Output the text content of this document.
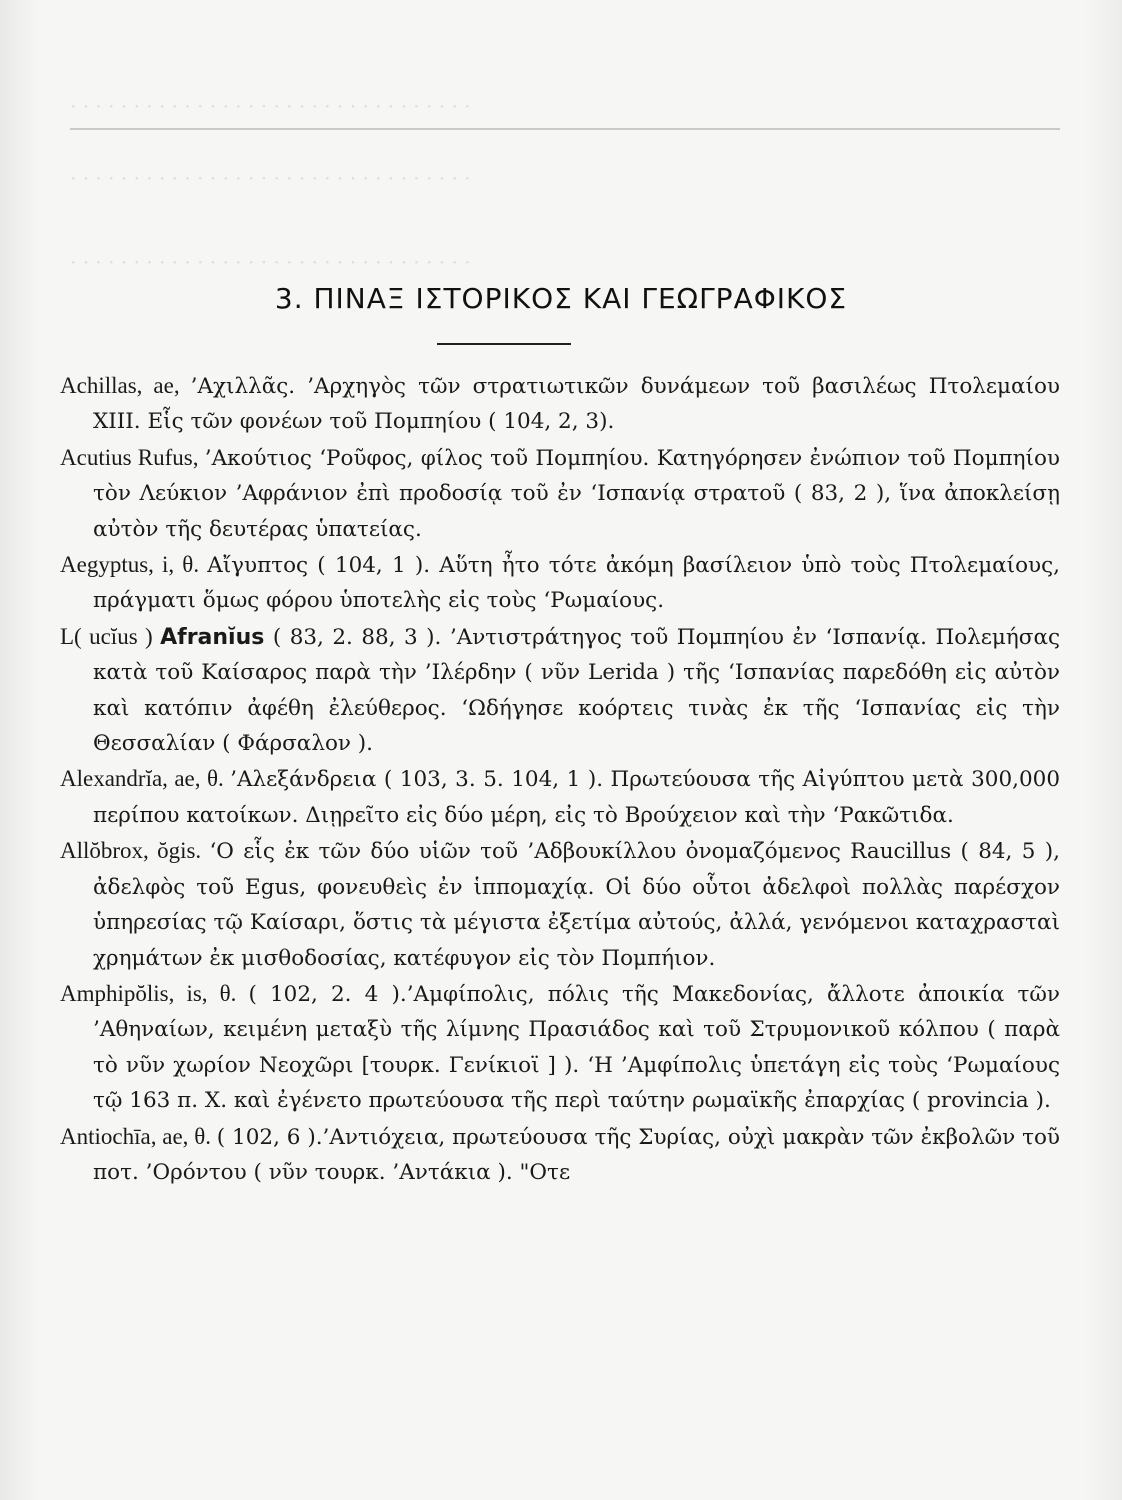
· · · · · · · · · · · · · · · · · · · · · · · · · · · · · · · ·
· · · · · · · · · · · · · · · · · · · · · · · · · · · · · · · ·
· · · · · · · · · · · · · · · · · · · · · · · · · · · · · · · ·
3. ΠΙΝΑΞ ΙΣΤΟΡΙΚΟΣ ΚΑΙ ΓΕΩΓΡΑΦΙΚΟΣ

Achillas, ae, ’Αχιλλᾶς. ’Αρχηγὸς τῶν στρατιωτικῶν δυνάμεων τοῦ βασιλέως Πτολεμαίου XIII. Εἷς τῶν φονέων τοῦ Πομπηίου ( 104, 2, 3).

Acutius Rufus, ’Ακούτιος ‘Ροῦφος, φίλος τοῦ Πομπηίου. Κατηγόρησεν ἐνώπιον τοῦ Πομπηίου τὸν Λεύκιον ’Αφράνιον ἐπὶ προδοσίᾳ τοῦ ἐν ‘Ισπανίᾳ στρατοῦ ( 83, 2 ), ἵνα ἀποκλείσῃ αὐτὸν τῆς δευτέρας ὑπατείας.

Aegyptus, i, θ. Αἴγυπτος ( 104, 1 ). Αὕτη ἦτο τότε ἀκόμη βασίλειον ὑπὸ τοὺς Πτολεμαίους, πράγματι ὅμως φόρου ὑποτελὴς εἰς τοὺς ‘Ρωμαίους.

L( ucĭus ) Afranĭus ( 83, 2. 88, 3 ). ’Αντιστράτηγος τοῦ Πομπηίου ἐν ‘Ισπανίᾳ. Πολεμήσας κατὰ τοῦ Καίσαρος παρὰ τὴν ’Ιλέρδην ( νῦν Lerida ) τῆς ‘Ισπανίας παρεδόθη εἰς αὐτὸν καὶ κατόπιν ἀφέθη ἐλεύθερος. ‘Ωδήγησε κοόρτεις τινὰς ἐκ τῆς ‘Ισπανίας εἰς τὴν Θεσσαλίαν ( Φάρσαλον ).

Alexandrĭa, ae, θ. ’Αλεξάνδρεια ( 103, 3. 5. 104, 1 ). Πρωτεύουσα τῆς Αἰγύπτου μετὰ 300,000 περίπου κατοίκων. Διῃρεῖτο εἰς δύο μέρη, εἰς τὸ Βρούχειον καὶ τὴν ‘Ρακῶτιδα.

Allŏbrox, ŏgis. ‘Ο εἷς ἐκ τῶν δύο υἱῶν τοῦ ’Αδβουκίλλου ὀνομαζόμενος Raucillus ( 84, 5 ), ἀδελφὸς τοῦ Egus, φονευθεὶς ἐν ἱππομαχίᾳ. Οἱ δύο οὗτοι ἀδελφοὶ πολλὰς παρέσχον ὑπηρεσίας τῷ Καίσαρι, ὅστις τὰ μέγιστα ἐξετίμα αὐτούς, ἀλλά, γενόμενοι καταχρασταὶ χρημάτων ἐκ μισθοδοσίας, κατέφυγον εἰς τὸν Πομπήιον.

Amphipŏlis, is, θ. ( 102, 2. 4 ).’Αμφίπολις, πόλις τῆς Μακεδονίας, ἄλλοτε ἀποικία τῶν ’Αθηναίων, κειμένη μεταξὺ τῆς λίμνης Πρασιάδος καὶ τοῦ Στρυμονικοῦ κόλπου ( παρὰ τὸ νῦν χωρίον Νεοχῶρι [τουρκ. Γενίκιοϊ ] ). ‘Η ’Αμφίπολις ὑπετάγη εἰς τοὺς ‘Ρωμαίους τῷ 163 π. Χ. καὶ ἐγένετο πρωτεύουσα τῆς περὶ ταύτην ρωμαϊκῆς ἐπαρχίας ( provincia ).

Antiochīa, ae, θ. ( 102, 6 ).’Αντιόχεια, πρωτεύουσα τῆς Συρίας, οὐχὶ μακρὰν τῶν ἐκβολῶν τοῦ ποτ. ’Ορόντου ( νῦν τουρκ. ’Αντάκια ). "Οτε
